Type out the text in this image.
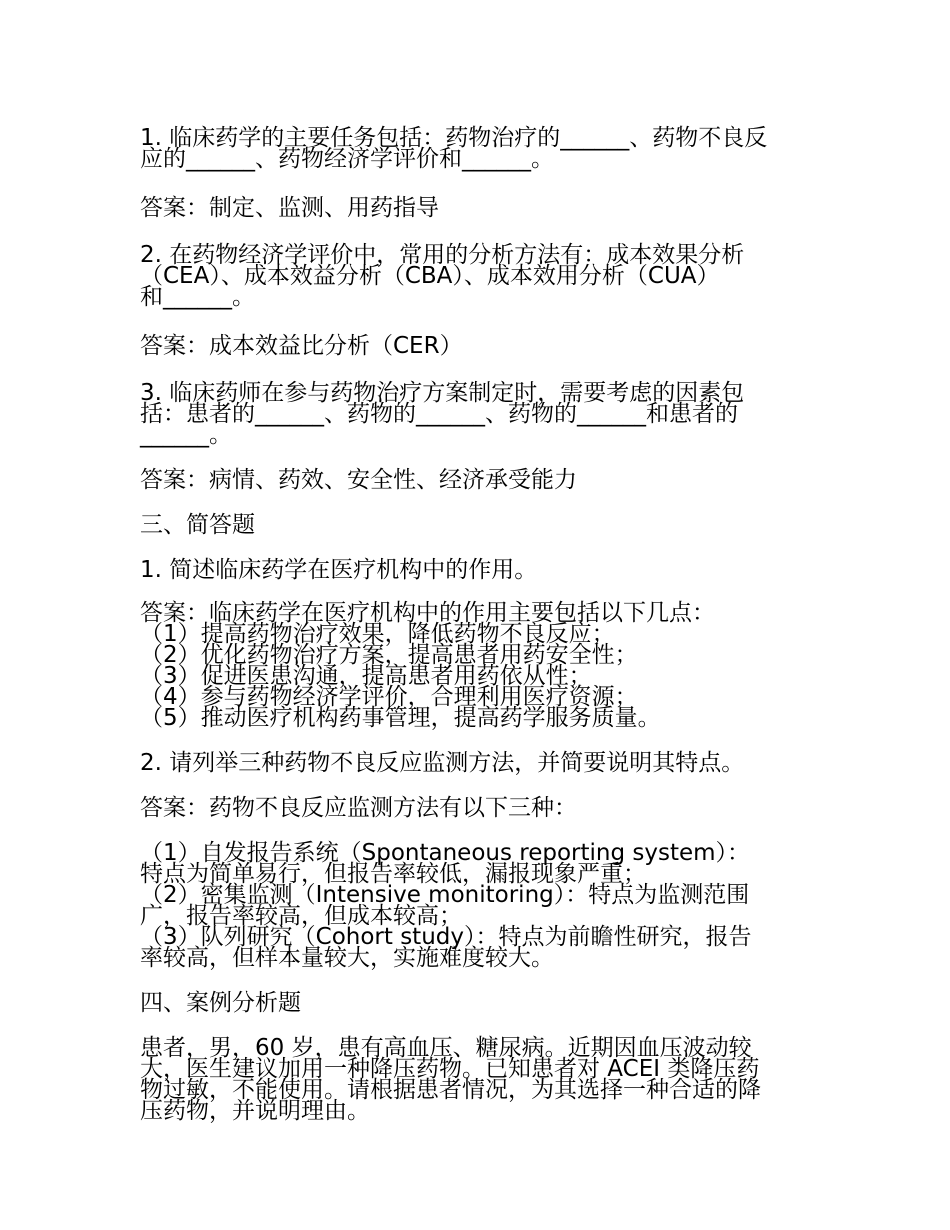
1. 临床药学的主要任务包括：药物治疗的______、药物不良反
应的______、药物经济学评价和______。
答案：制定、监测、用药指导
2. 在药物经济学评价中，常用的分析方法有：成本效果分析
（CEA）、成本效益分析（CBA）、成本效用分析（CUA）
和______。
答案：成本效益比分析（CER）
3. 临床药师在参与药物治疗方案制定时，需要考虑的因素包
括：患者的______、药物的______、药物的______和患者的
______。
答案：病情、药效、安全性、经济承受能力
三、简答题
1. 简述临床药学在医疗机构中的作用。
答案：临床药学在医疗机构中的作用主要包括以下几点：
（1）提高药物治疗效果，降低药物不良反应；
（2）优化药物治疗方案，提高患者用药安全性；
（3）促进医患沟通，提高患者用药依从性；
（4）参与药物经济学评价，合理利用医疗资源；
（5）推动医疗机构药事管理，提高药学服务质量。
2. 请列举三种药物不良反应监测方法，并简要说明其特点。
答案：药物不良反应监测方法有以下三种：
（1）自发报告系统（Spontaneous reporting system）：
特点为简单易行，但报告率较低，漏报现象严重；
（2）密集监测（Intensive monitoring）：特点为监测范围
广，报告率较高，但成本较高；
（3）队列研究（Cohort study）：特点为前瞻性研究，报告
率较高，但样本量较大，实施难度较大。
四、案例分析题
患者，男，60 岁，患有高血压、糖尿病。近期因血压波动较
大，医生建议加用一种降压药物。已知患者对 ACEI 类降压药
物过敏，不能使用。请根据患者情况，为其选择一种合适的降
压药物，并说明理由。
